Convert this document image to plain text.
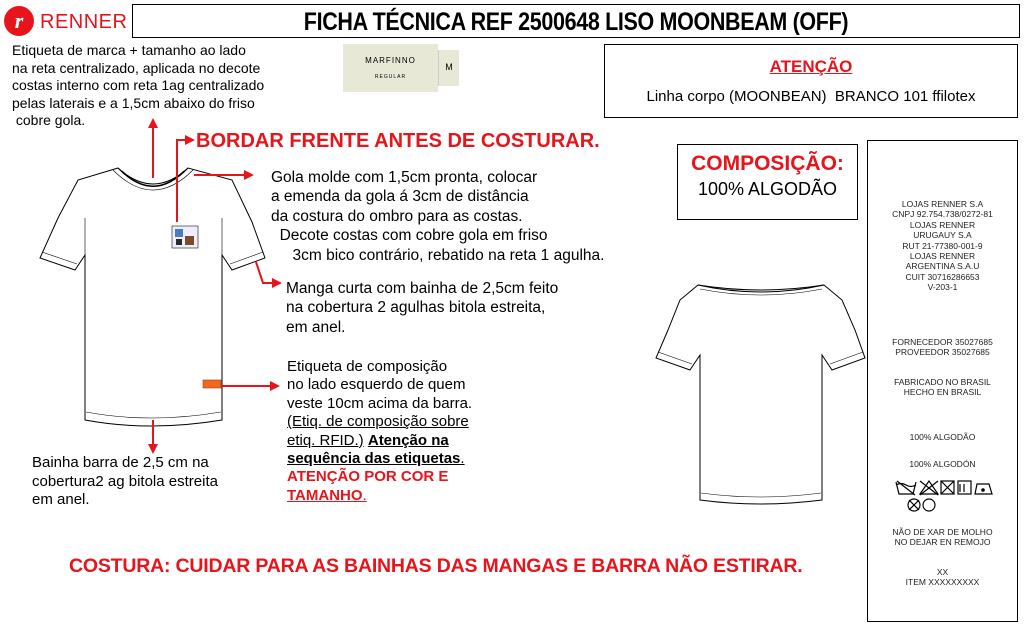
r RENNER	FICHA TÉCNICA REF 2500648 LISO MOONBEAM (OFF)
Etiqueta de marca + tamanho ao lado
na reta centralizado, aplicada no decote
costas interno com reta 1ag centralizado
pelas laterais e a 1,5cm abaixo do friso
cobre gola.
MARFINNO
REGULAR
M
BORDAR FRENTE ANTES DE COSTURAR.
Gola molde com 1,5cm pronta, colocar
a emenda da gola á 3cm de distância
da costura do ombro para as costas.
Decote costas com cobre gola em friso
3cm bico contrário, rebatido na reta 1 agulha.
Manga curta com bainha de 2,5cm feito
na cobertura 2 agulhas bitola estreita,
em anel.
Etiqueta de composição
no lado esquerdo de quem
veste 10cm acima da barra.
(Etiq. de composição sobre
etiq. RFID.) Atenção na
sequência das etiquetas.
ATENÇÃO POR COR E
TAMANHO.
Bainha barra de 2,5 cm na
cobertura2 ag bitola estreita
em anel.
ATENÇÃO
Linha corpo (MOONBEAN)  BRANCO 101 ffilotex
COMPOSIÇÃO:
100% ALGODÃO
LOJAS RENNER S.A
CNPJ 92.754.738/0272-81
LOJAS RENNER
URUGAUY S.A
RUT 21-77380-001-9
LOJAS RENNER
ARGENTINA S.A.U
CUIT 30716286653
V-203-1
FORNECEDOR 35027685
PROVEEDOR 35027685
FABRICADO NO BRASIL
HECHO EN BRASIL
100% ALGODÃO
100% ALGODÓN
NÃO DE XAR DE MOLHO
NO DEJAR EN REMOJO
XX
ITEM XXXXXXXXX
COSTURA: CUIDAR PARA AS BAINHAS DAS MANGAS E BARRA NÃO ESTIRAR.
